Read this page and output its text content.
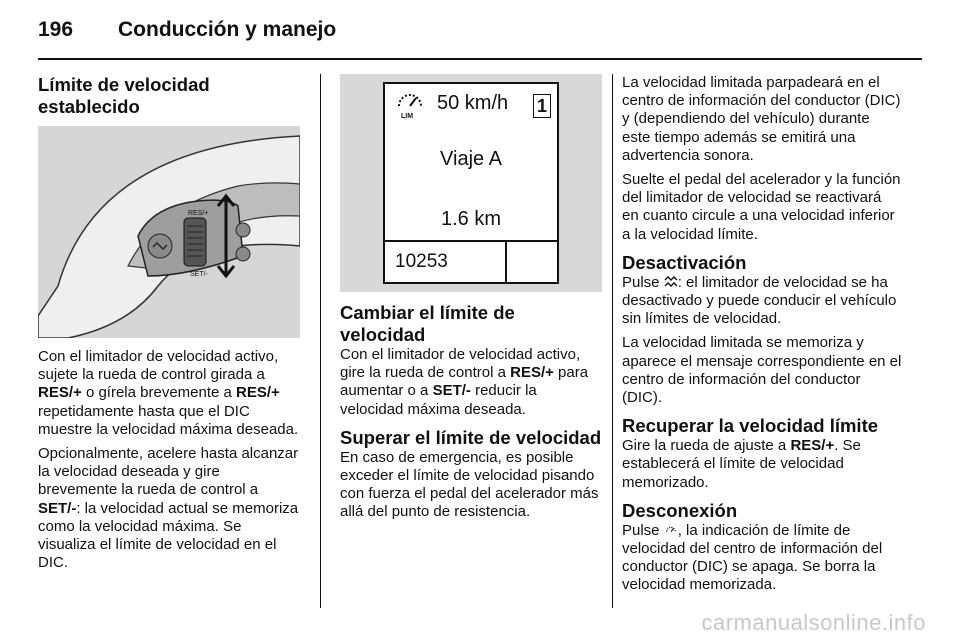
196 Conducción y manejo
Límite de velocidad establecido
RES/+
SET/-

Con el limitador de velocidad activo, sujete la rueda de control girada a RES/+ o gírela brevemente a RES/+ repetidamente hasta que el DIC muestre la velocidad máxima deseada.

Opcionalmente, acelere hasta alcanzar la velocidad deseada y gire brevemente la rueda de control a SET/-: la velocidad actual se memoriza como la velocidad máxima. Se visualiza el límite de velocidad en el DIC.

LIM
50 km/h 1
Viaje A
1.6 km
10253
Cambiar el límite de velocidad

Con el limitador de velocidad activo, gire la rueda de control a RES/+ para aumentar o a SET/- reducir la velocidad máxima deseada.

Superar el límite de velocidad

En caso de emergencia, es posible exceder el límite de velocidad pisando con fuerza el pedal del acelerador más allá del punto de resistencia.

La velocidad limitada parpadeará en el centro de información del conductor (DIC) y (dependiendo del vehículo) durante este tiempo además se emitirá una advertencia sonora.

Suelte el pedal del acelerador y la función del limitador de velocidad se reactivará en cuanto circule a una velocidad inferior a la velocidad límite.

Desactivación

Pulse : el limitador de velocidad se ha desactivado y puede conducir el vehículo sin límites de velocidad.

La velocidad limitada se memoriza y aparece el mensaje correspondiente en el centro de información del conductor (DIC).

Recuperar la velocidad límite

Gire la rueda de ajuste a RES/+. Se establecerá el límite de velocidad memorizado.

Desconexión

Pulse , la indicación de límite de velocidad del centro de información del conductor (DIC) se apaga. Se borra la velocidad memorizada.

carmanualsonline.info
